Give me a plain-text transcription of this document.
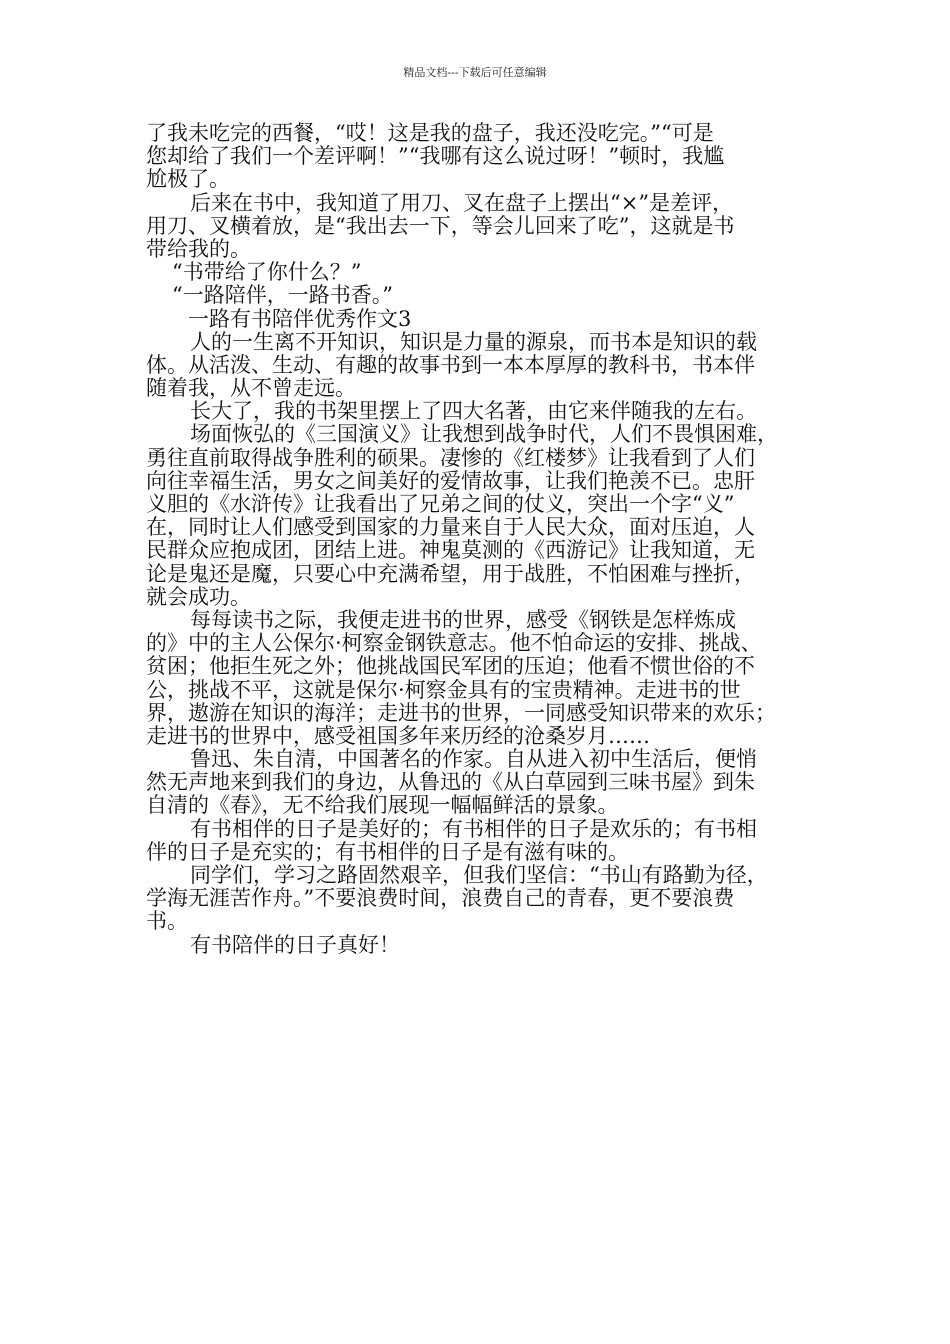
精品文档---下载后可任意编辑
了我未吃完的西餐，“哎！这是我的盘子，我还没吃完。”“可是
您却给了我们一个差评啊！”“我哪有这么说过呀！”顿时，我尴
尬极了。
后来在书中，我知道了用刀、叉在盘子上摆出“×”是差评，
用刀、叉横着放，是“我出去一下，等会儿回来了吃”，这就是书
带给我的。
“书带给了你什么？”
“一路陪伴，一路书香。”
一路有书陪伴优秀作文3
人的一生离不开知识，知识是力量的源泉，而书本是知识的载
体。从活泼、生动、有趣的故事书到一本本厚厚的教科书，书本伴
随着我，从不曾走远。
长大了，我的书架里摆上了四大名著，由它来伴随我的左右。
场面恢弘的《三国演义》让我想到战争时代，人们不畏惧困难，
勇往直前取得战争胜利的硕果。凄惨的《红楼梦》让我看到了人们
向往幸福生活，男女之间美好的爱情故事，让我们艳羡不已。忠肝
义胆的《水浒传》让我看出了兄弟之间的仗义，突出一个字“义”
在，同时让人们感受到国家的力量来自于人民大众，面对压迫，人
民群众应抱成团，团结上进。神鬼莫测的《西游记》让我知道，无
论是鬼还是魔，只要心中充满希望，用于战胜，不怕困难与挫折，
就会成功。
每每读书之际，我便走进书的世界，感受《钢铁是怎样炼成
的》中的主人公保尔·柯察金钢铁意志。他不怕命运的安排、挑战、
贫困；他拒生死之外；他挑战国民军团的压迫；他看不惯世俗的不
公，挑战不平，这就是保尔·柯察金具有的宝贵精神。走进书的世
界，遨游在知识的海洋；走进书的世界，一同感受知识带来的欢乐；
走进书的世界中，感受祖国多年来历经的沧桑岁月……
鲁迅、朱自清，中国著名的作家。自从进入初中生活后，便悄
然无声地来到我们的身边，从鲁迅的《从白草园到三味书屋》到朱
自清的《春》，无不给我们展现一幅幅鲜活的景象。
有书相伴的日子是美好的；有书相伴的日子是欢乐的；有书相
伴的日子是充实的；有书相伴的日子是有滋有味的。
同学们，学习之路固然艰辛，但我们坚信：“书山有路勤为径，
学海无涯苦作舟。”不要浪费时间，浪费自己的青春，更不要浪费
书。
有书陪伴的日子真好！
